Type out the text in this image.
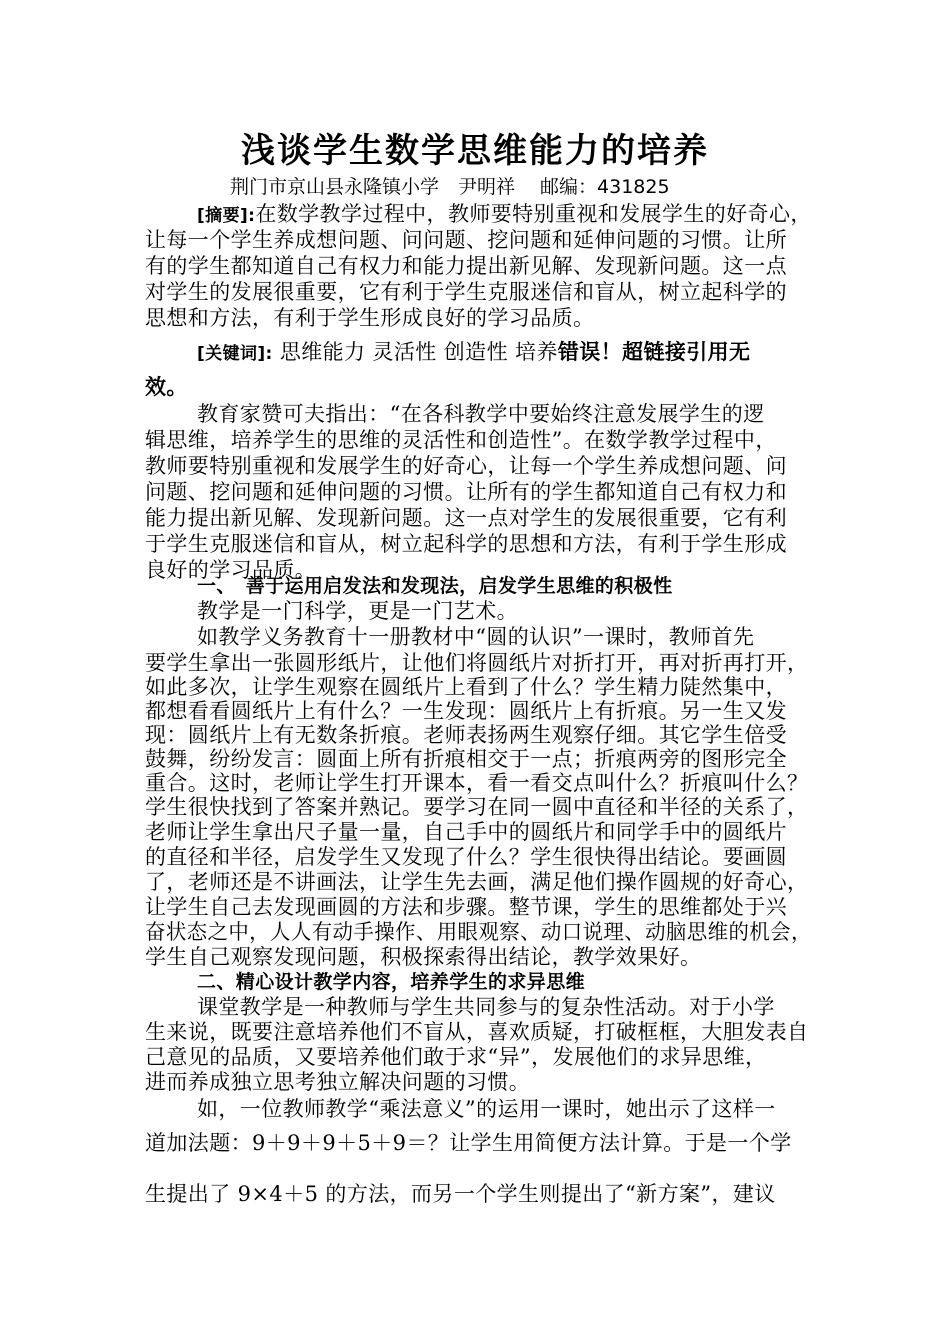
浅谈学生数学思维能力的培养
荆门市京山县永隆镇小学　尹明祥　 邮编：431825
[摘要]:在数学教学过程中，教师要特别重视和发展学生的好奇心，
让每一个学生养成想问题、问问题、挖问题和延伸问题的习惯。让所
有的学生都知道自己有权力和能力提出新见解、发现新问题。这一点
对学生的发展很重要，它有利于学生克服迷信和盲从，树立起科学的
思想和方法，有利于学生形成良好的学习品质。
[关键词]: 思维能力 灵活性 创造性 培养错误！超链接引用无
效。
教育家赞可夫指出：“在各科教学中要始终注意发展学生的逻
辑思维，培养学生的思维的灵活性和创造性”。在数学教学过程中，
教师要特别重视和发展学生的好奇心，让每一个学生养成想问题、问
问题、挖问题和延伸问题的习惯。让所有的学生都知道自己有权力和
能力提出新见解、发现新问题。这一点对学生的发展很重要，它有利
于学生克服迷信和盲从，树立起科学的思想和方法，有利于学生形成
良好的学习品质。
一、　善于运用启发法和发现法，启发学生思维的积极性
教学是一门科学，更是一门艺术。
如教学义务教育十一册教材中“圆的认识”一课时，教师首先
要学生拿出一张圆形纸片，让他们将圆纸片对折打开，再对折再打开，
如此多次，让学生观察在圆纸片上看到了什么？学生精力陡然集中，
都想看看圆纸片上有什么？一生发现：圆纸片上有折痕。另一生又发
现：圆纸片上有无数条折痕。老师表扬两生观察仔细。其它学生倍受
鼓舞，纷纷发言：圆面上所有折痕相交于一点；折痕两旁的图形完全
重合。这时，老师让学生打开课本，看一看交点叫什么？折痕叫什么？
学生很快找到了答案并熟记。要学习在同一圆中直径和半径的关系了，
老师让学生拿出尺子量一量，自己手中的圆纸片和同学手中的圆纸片
的直径和半径，启发学生又发现了什么？学生很快得出结论。要画圆
了，老师还是不讲画法，让学生先去画，满足他们操作圆规的好奇心，
让学生自己去发现画圆的方法和步骤。整节课，学生的思维都处于兴
奋状态之中，人人有动手操作、用眼观察、动口说理、动脑思维的机会，
学生自己观察发现问题，积极探索得出结论，教学效果好。
二、精心设计教学内容，培养学生的求异思维
课堂教学是一种教师与学生共同参与的复杂性活动。对于小学
生来说，既要注意培养他们不盲从，喜欢质疑，打破框框，大胆发表自
己意见的品质，又要培养他们敢于求“异”，发展他们的求异思维，
进而养成独立思考独立解决问题的习惯。
如，一位教师教学“乘法意义”的运用一课时，她出示了这样一
道加法题：9＋9＋9＋5＋9＝？让学生用简便方法计算。于是一个学
生提出了 9×4＋5 的方法，而另一个学生则提出了“新方案”，建议
